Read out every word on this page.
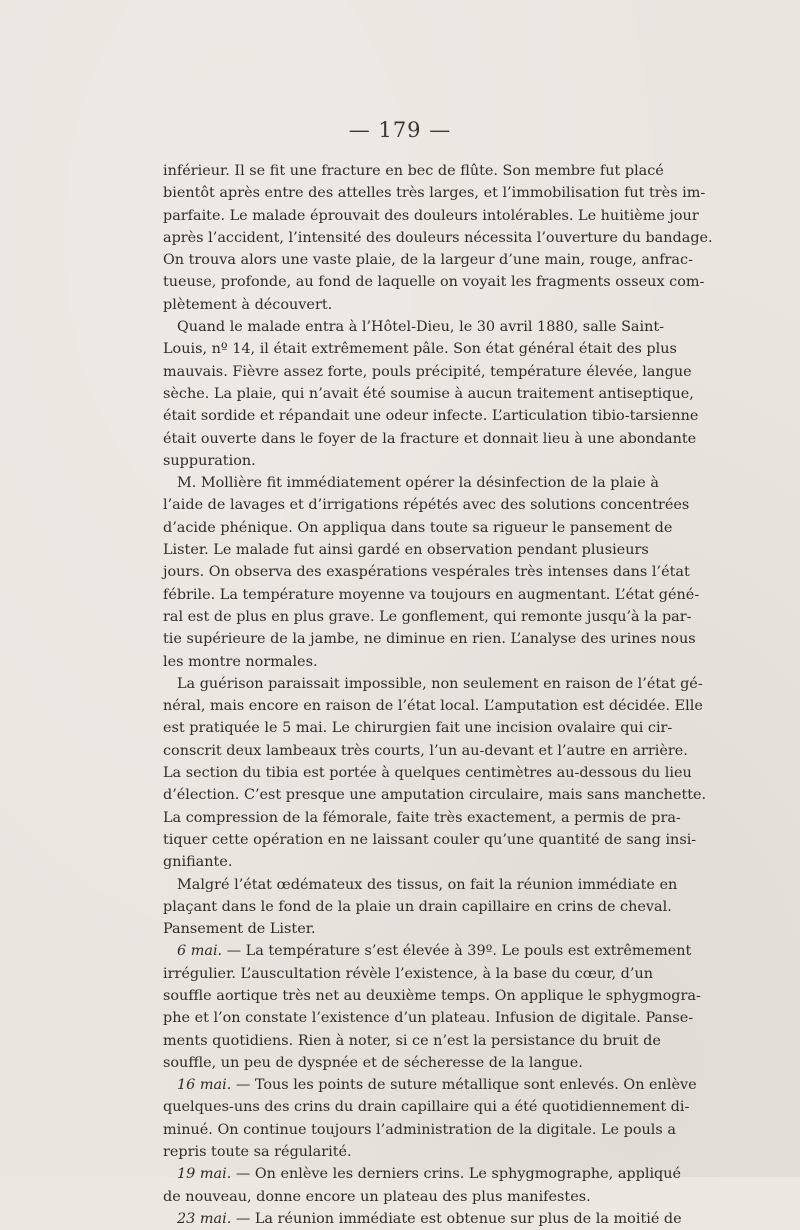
— 179 —

inférieur. Il se fit une fracture en bec de flûte. Son membre fut placé
bientôt après entre des attelles très larges, et l’immobilisation fut très im-
parfaite. Le malade éprouvait des douleurs intolérables. Le huitième jour
après l’accident, l’intensité des douleurs nécessita l’ouverture du bandage.
On trouva alors une vaste plaie, de la largeur d’une main, rouge, anfrac-
tueuse, profonde, au fond de laquelle on voyait les fragments osseux com-
plètement à découvert.

Quand le malade entra à l’Hôtel-Dieu, le 30 avril 1880, salle Saint-
Louis, nº 14, il était extrêmement pâle. Son état général était des plus
mauvais. Fièvre assez forte, pouls précipité, température élevée, langue
sèche. La plaie, qui n’avait été soumise à aucun traitement antiseptique,
était sordide et répandait une odeur infecte. L’articulation tibio-tarsienne
était ouverte dans le foyer de la fracture et donnait lieu à une abondante
suppuration.

M. Mollière fit immédiatement opérer la désinfection de la plaie à
l’aide de lavages et d’irrigations répétés avec des solutions concentrées
d’acide phénique. On appliqua dans toute sa rigueur le pansement de
Lister. Le malade fut ainsi gardé en observation pendant plusieurs
jours. On observa des exaspérations vespérales très intenses dans l’état
fébrile. La température moyenne va toujours en augmentant. L’état géné-
ral est de plus en plus grave. Le gonflement, qui remonte jusqu’à la par-
tie supérieure de la jambe, ne diminue en rien. L’analyse des urines nous
les montre normales.

La guérison paraissait impossible, non seulement en raison de l’état gé-
néral, mais encore en raison de l’état local. L’amputation est décidée. Elle
est pratiquée le 5 mai. Le chirurgien fait une incision ovalaire qui cir-
conscrit deux lambeaux très courts, l’un au-devant et l’autre en arrière.
La section du tibia est portée à quelques centimètres au-dessous du lieu
d’élection. C’est presque une amputation circulaire, mais sans manchette.
La compression de la fémorale, faite très exactement, a permis de pra-
tiquer cette opération en ne laissant couler qu’une quantité de sang insi-
gnifiante.

Malgré l’état œdémateux des tissus, on fait la réunion immédiate en
plaçant dans le fond de la plaie un drain capillaire en crins de cheval.
Pansement de Lister.

6 mai. — La température s’est élevée à 39º. Le pouls est extrêmement
irrégulier. L’auscultation révèle l’existence, à la base du cœur, d’un
souffle aortique très net au deuxième temps. On applique le sphygmogra-
phe et l’on constate l’existence d’un plateau. Infusion de digitale. Panse-
ments quotidiens. Rien à noter, si ce n’est la persistance du bruit de
souffle, un peu de dyspnée et de sécheresse de la langue.

16 mai. — Tous les points de suture métallique sont enlevés. On enlève
quelques-uns des crins du drain capillaire qui a été quotidiennement di-
minué. On continue toujours l’administration de la digitale. Le pouls a
repris toute sa régularité.

19 mai. — On enlève les derniers crins. Le sphygmographe, appliqué
de nouveau, donne encore un plateau des plus manifestes.

23 mai. — La réunion immédiate est obtenue sur plus de la moitié de
